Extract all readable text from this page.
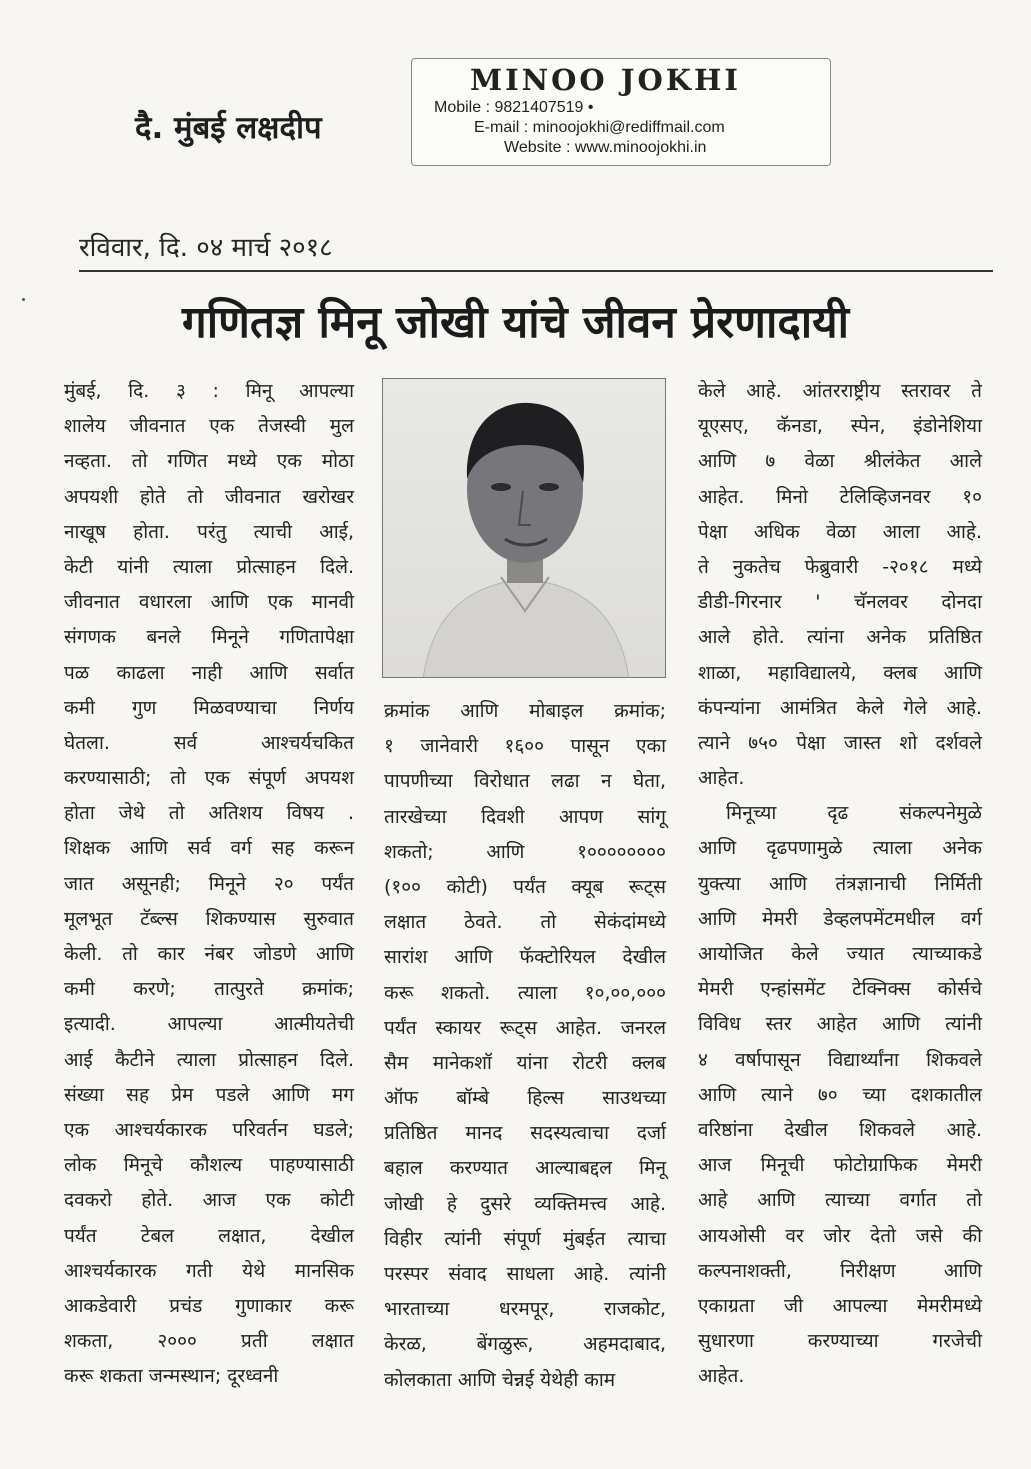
MINOO JOKHI
Mobile : 9821407519 •
E-mail : minoojokhi@rediffmail.com
Website : www.minoojokhi.in
दै. मुंबई लक्षदीप
रविवार, दि. ०४ मार्च २०१८
गणितज्ञ मिनू जोखी यांचे जीवन प्रेरणादायी
मुंबई, दि. ३ : मिनू आपल्या
शालेय जीवनात एक तेजस्वी मुल
नव्हता. तो गणित मध्ये एक मोठा
अपयशी होते तो जीवनात खरोखर
नाखूष होता. परंतु त्याची आई,
केटी यांनी त्याला प्रोत्साहन दिले.
जीवनात वधारला आणि एक मानवी
संगणक बनले मिनूने गणितापेक्षा
पळ काढला नाही आणि सर्वात
कमी गुण मिळवण्याचा निर्णय
घेतला. सर्व आश्चर्यचकित
करण्यासाठी; तो एक संपूर्ण अपयश
होता जेथे तो अतिशय विषय .
शिक्षक आणि सर्व वर्ग सह करून
जात असूनही; मिनूने २० पर्यंत
मूलभूत टॅब्ल्स शिकण्यास सुरुवात
केली. तो कार नंबर जोडणे आणि
कमी करणे; तात्पुरते क्रमांक;
इत्यादी. आपल्या आत्मीयतेची
आई कैटीने त्याला प्रोत्साहन दिले.
संख्या सह प्रेम पडले आणि मग
एक आश्चर्यकारक परिवर्तन घडले;
लोक मिनूचे कौशल्य पाहण्यासाठी
दवकरो होते. आज एक कोटी
पर्यंत टेबल लक्षात, देखील
आश्चर्यकारक गती येथे मानसिक
आकडेवारी प्रचंड गुणाकार करू
शकता, २००० प्रती लक्षात
करू शकता जन्मस्थान; दूरध्वनी
क्रमांक आणि मोबाइल क्रमांक;
१ जानेवारी १६०० पासून एका
पापणीच्या विरोधात लढा न घेता,
तारखेच्या दिवशी आपण सांगू
शकतो; आणि १००००००००
(१०० कोटी) पर्यंत क्यूब रूट्स
लक्षात ठेवते. तो सेकंदांमध्ये
सारांश आणि फॅक्टोरियल देखील
करू शकतो. त्याला १०,००,०००
पर्यंत स्कायर रूट्स आहेत. जनरल
सैम मानेकशॉ यांना रोटरी क्लब
ऑफ बॉम्बे हिल्स साउथच्या
प्रतिष्ठित मानद सदस्यत्वाचा दर्जा
बहाल करण्यात आल्याबद्दल मिनू
जोखी हे दुसरे व्यक्तिमत्त्व आहे.
विहीर त्यांनी संपूर्ण मुंबईत त्याचा
परस्पर संवाद साधला आहे. त्यांनी
भारताच्या धरमपूर, राजकोट,
केरळ, बेंगळुरू, अहमदाबाद,
कोलकाता आणि चेन्नई येथेही काम
केले आहे. आंतरराष्ट्रीय स्तरावर ते
यूएसए, कॅनडा, स्पेन, इंडोनेशिया
आणि ७ वेळा श्रीलंकेत आले
आहेत. मिनो टेलिव्हिजनवर १०
पेक्षा अधिक वेळा आला आहे.
ते नुकतेच फेब्रुवारी -२०१८ मध्ये
डीडी-गिरनार ' चॅनलवर दोनदा
आले होते. त्यांना अनेक प्रतिष्ठित
शाळा, महाविद्यालये, क्लब आणि
कंपन्यांना आमंत्रित केले गेले आहे.
त्याने ७५० पेक्षा जास्त शो दर्शवले
आहेत.
मिनूच्या दृढ संकल्पनेमुळे
आणि दृढपणामुळे त्याला अनेक
युक्त्या आणि तंत्रज्ञानाची निर्मिती
आणि मेमरी डेव्हलपमेंटमधील वर्ग
आयोजित केले ज्यात त्याच्याकडे
मेमरी एन्हांसमेंट टेक्निक्स कोर्सचे
विविध स्तर आहेत आणि त्यांनी
४ वर्षापासून विद्यार्थ्यांना शिकवले
आणि त्याने ७० च्या दशकातील
वरिष्ठांना देखील शिकवले आहे.
आज मिनूची फोटोग्राफिक मेमरी
आहे आणि त्याच्या वर्गात तो
आयओसी वर जोर देतो जसे की
कल्पनाशक्ती, निरीक्षण आणि
एकाग्रता जी आपल्या मेमरीमध्ये
सुधारणा करण्याच्या गरजेची
आहेत.
